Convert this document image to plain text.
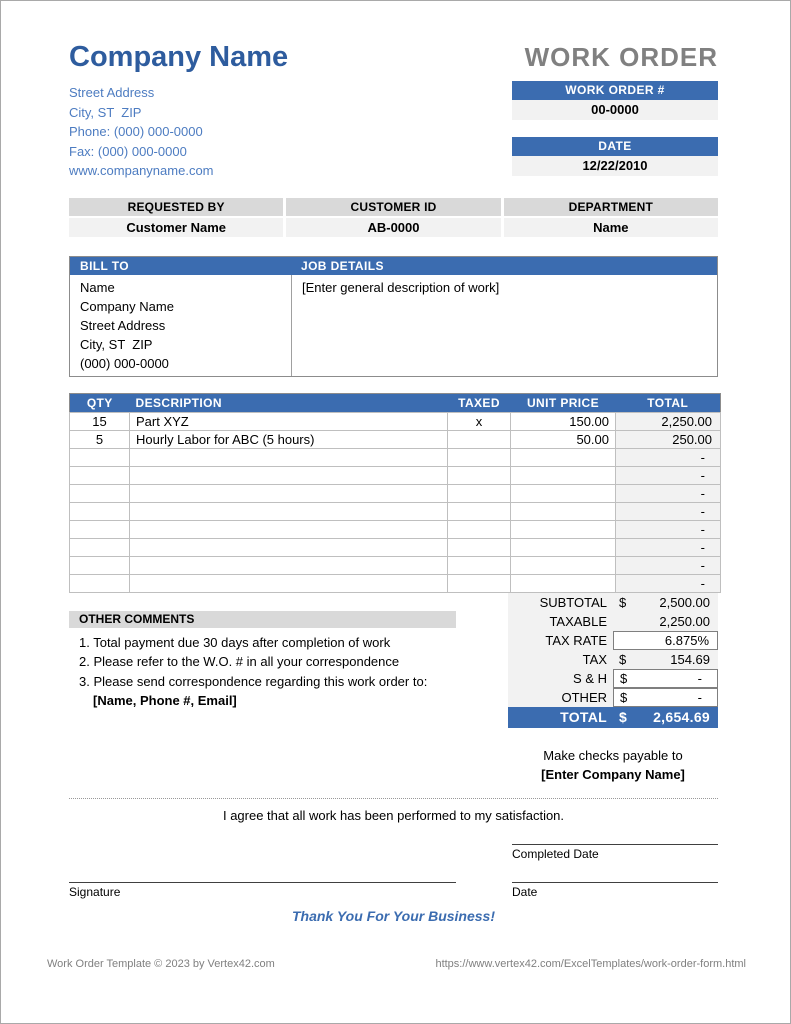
Company Name
Street Address
City, ST  ZIP
Phone: (000) 000-0000
Fax: (000) 000-0000
www.companyname.com
WORK ORDER
WORK ORDER #
00-0000
DATE
12/22/2010
REQUESTED BY	CUSTOMER ID	DEPARTMENT
Customer Name	AB-0000	Name
BILL TO	JOB DETAILS
Name
Company Name
Street Address
City, ST  ZIP
(000) 000-0000
[Enter general description of work]
QTY	DESCRIPTION	TAXED	UNIT PRICE	TOTAL
15	Part XYZ	x	150.00	2,250.00
5	Hourly Labor for ABC (5 hours)		50.00	250.00
				-
				-
				-
				-
				-
				-
				-
				-
OTHER COMMENTS
1. Total payment due 30 days after completion of work
2. Please refer to the W.O. # in all your correspondence
3. Please send correspondence regarding this work order to:
[Name, Phone #, Email]
SUBTOTAL $	2,500.00
TAXABLE	2,250.00
TAX RATE	6.875%
TAX $	154.69
S & H	$	-
OTHER	$	-
TOTAL $ 2,654.69
Make checks payable to
[Enter Company Name]
I agree that all work has been performed to my satisfaction.
Completed Date
Signature	Date
Thank You For Your Business!
Work Order Template © 2023 by Vertex42.com	https://www.vertex42.com/ExcelTemplates/work-order-form.html
